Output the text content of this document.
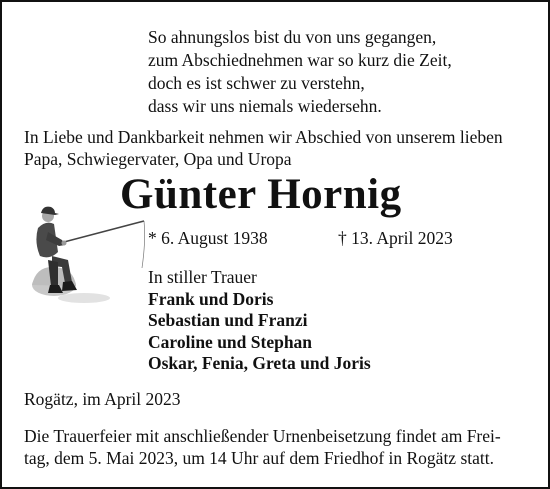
So ahnungslos bist du von uns gegangen,
zum Abschiednehmen war so kurz die Zeit,
doch es ist schwer zu verstehn,
dass wir uns niemals wiedersehn.
In Liebe und Dankbarkeit nehmen wir Abschied von unserem lieben
Papa, Schwiegervater, Opa und Uropa
Günter Hornig
* 6. August 1938	† 13. April 2023
In stiller Trauer
Frank und Doris
Sebastian und Franzi
Caroline und Stephan
Oskar, Fenia, Greta und Joris
Rogätz, im April 2023
Die Trauerfeier mit anschließender Urnenbeisetzung findet am Frei-
tag, dem 5. Mai 2023, um 14 Uhr auf dem Friedhof in Rogätz statt.
